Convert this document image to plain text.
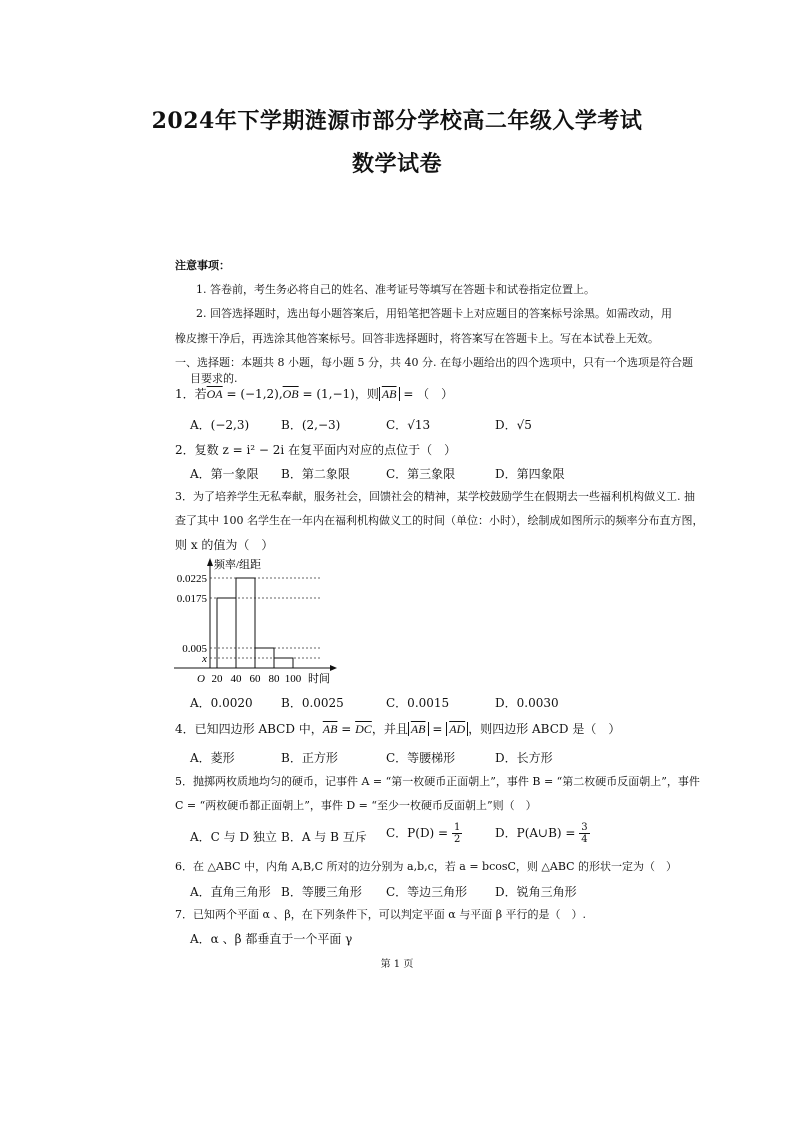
2024年下学期涟源市部分学校高二年级入学考试
数学试卷
注意事项：
1. 答卷前，考生务必将自己的姓名、准考证号等填写在答题卡和试卷指定位置上。
2. 回答选择题时，选出每小题答案后，用铅笔把答题卡上对应题目的答案标号涂黑。如需改动，用
橡皮擦干净后，再选涂其他答案标号。回答非选择题时，将答案写在答题卡上。写在本试卷上无效。
一、选择题：本题共 8 小题，每小题 5 分，共 40 分. 在每小题给出的四个选项中，只有一个选项是符合题
目要求的.
1．若$\overline{OA} = (-1,2),\overline{OB} = (1,-1)$，则 $\overline{AB}$ = （　）
A．(−2,3)	B．(2,−3)	C．√13	D．√5
2．复数 z = i² − 2i 在复平面内对应的点位于（　）
A．第一象限 B．第二象限	C．第三象限	D．第四象限
3．为了培养学生无私奉献，服务社会，回馈社会的精神，某学校鼓励学生在假期去一些福利机构做义工. 抽
查了其中 100 名学生在一年内在福利机构做义工的时间（单位：小时），绘制成如图所示的频率分布直方图，
则 x 的值为（　）
频率/组距
时间
O
0.0225
0.0175
0.005
x
20 40 60 80 100
A．0.0020 B．0.0025	C．0.0015	D．0.0030
4．已知四边形 ABCD 中，$\overline{AB} = \overline{DC}$，并且 $\overline{AB} = \overline{AD}$ ，则四边形 ABCD 是（　）
A．菱形	B．正方形	C．等腰梯形	D．长方形
5．抛掷两枚质地均匀的硬币，记事件 A = “第一枚硬币正面朝上”，事件 B = “第二枚硬币反面朝上”，事件
C = “两枚硬币都正面朝上”，事件 D = “至少一枚硬币反面朝上”则（　）
A．C 与 D 独立 B．A 与 B 互斥 C．$P(D) = \frac{1}{2}$	D．P(A∪B) = $\frac{3}{4}$
6．在 △ABC 中，内角 A,B,C 所对的边分别为 a,b,c，若 a = bcosC，则 △ABC 的形状一定为（　）
A．直角三角形 B．等腰三角形 C．等边三角形 D．锐角三角形
7．已知两个平面 α 、β，在下列条件下，可以判定平面 α 与平面 β 平行的是（　）.
A．α 、β 都垂直于一个平面 γ
第 1 页
